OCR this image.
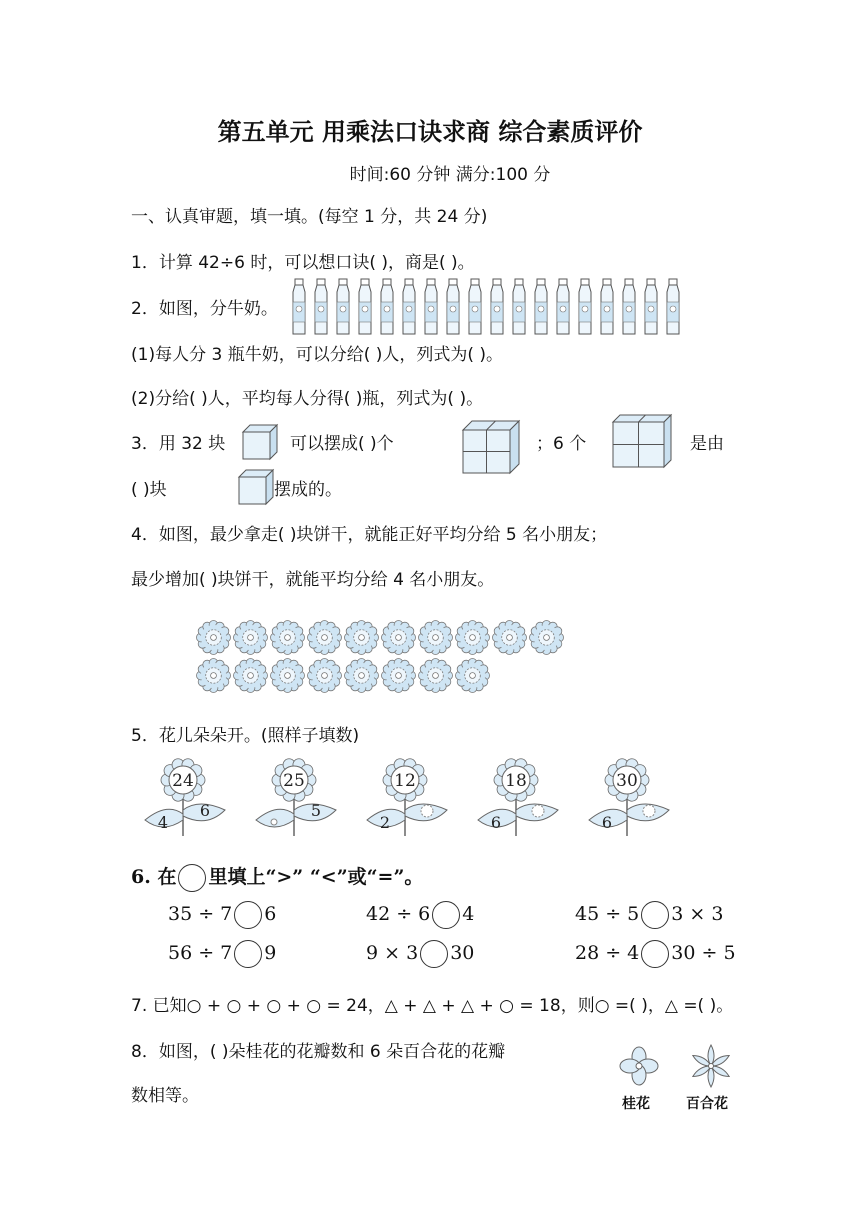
第五单元 用乘法口诀求商 综合素质评价
时间:60 分钟 满分:100 分
一、认真审题，填一填。(每空 1 分，共 24 分)
1．计算 42÷6 时，可以想口诀( )，商是( )。
2．如图，分牛奶。
(1)每人分 3 瓶牛奶，可以分给( )人，列式为( )。
(2)分给( )人，平均每人分得( )瓶，列式为( )。
3．用 32 块	可以摆成( )个	；6 个	是由
( )块	摆成的。
4．如图，最少拿走( )块饼干，就能正好平均分给 5 名小朋友；
最少增加( )块饼干，就能平均分给 4 名小朋友。
5．花儿朵朵开。(照样子填数)
24
4
6
25
5
12
2
18
6
30
6
6. 在 里填上“>” “<”或“=”。
35 ÷ 7 6	42 ÷ 6 4	45 ÷ 5 3 × 3
56 ÷ 7 9	9 × 3 30	28 ÷ 4 30 ÷ 5
7. 已知○ + ○ + ○ + ○ = 24，△ + △ + △ + ○ = 18，则○ =( )，△ =( )。
8．如图，( )朵桂花的花瓣数和 6 朵百合花的花瓣
数相等。	桂花	百合花
